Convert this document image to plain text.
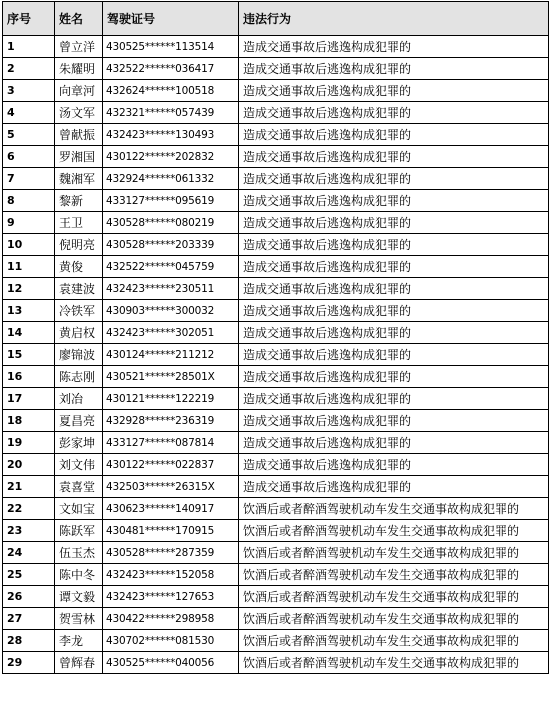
序号	姓名	驾驶证号	违法行为
1	曾立洋	430525******113514	造成交通事故后逃逸构成犯罪的
2	朱耀明	432522******036417	造成交通事故后逃逸构成犯罪的
3	向章河	432624******100518	造成交通事故后逃逸构成犯罪的
4	汤文军	432321******057439	造成交通事故后逃逸构成犯罪的
5	曾献振	432423******130493	造成交通事故后逃逸构成犯罪的
6	罗湘国	430122******202832	造成交通事故后逃逸构成犯罪的
7	魏湘军	432924******061332	造成交通事故后逃逸构成犯罪的
8	黎新	433127******095619	造成交通事故后逃逸构成犯罪的
9	王卫	430528******080219	造成交通事故后逃逸构成犯罪的
10	倪明亮	430528******203339	造成交通事故后逃逸构成犯罪的
11	黄俊	432522******045759	造成交通事故后逃逸构成犯罪的
12	袁建波	432423******230511	造成交通事故后逃逸构成犯罪的
13	冷铁军	430903******300032	造成交通事故后逃逸构成犯罪的
14	黄启权	432423******302051	造成交通事故后逃逸构成犯罪的
15	廖锦波	430124******211212	造成交通事故后逃逸构成犯罪的
16	陈志刚	430521******28501X	造成交通事故后逃逸构成犯罪的
17	刘冶	430121******122219	造成交通事故后逃逸构成犯罪的
18	夏昌亮	432928******236319	造成交通事故后逃逸构成犯罪的
19	彭家坤	433127******087814	造成交通事故后逃逸构成犯罪的
20	刘文伟	430122******022837	造成交通事故后逃逸构成犯罪的
21	袁喜堂	432503******26315X	造成交通事故后逃逸构成犯罪的
22	文如宝	430623******140917	饮酒后或者醉酒驾驶机动车发生交通事故构成犯罪的
23	陈跃军	430481******170915	饮酒后或者醉酒驾驶机动车发生交通事故构成犯罪的
24	伍玉杰	430528******287359	饮酒后或者醉酒驾驶机动车发生交通事故构成犯罪的
25	陈中冬	432423******152058	饮酒后或者醉酒驾驶机动车发生交通事故构成犯罪的
26	谭文毅	432423******127653	饮酒后或者醉酒驾驶机动车发生交通事故构成犯罪的
27	贺雪林	430422******298958	饮酒后或者醉酒驾驶机动车发生交通事故构成犯罪的
28	李龙	430702******081530	饮酒后或者醉酒驾驶机动车发生交通事故构成犯罪的
29	曾辉春	430525******040056	饮酒后或者醉酒驾驶机动车发生交通事故构成犯罪的
